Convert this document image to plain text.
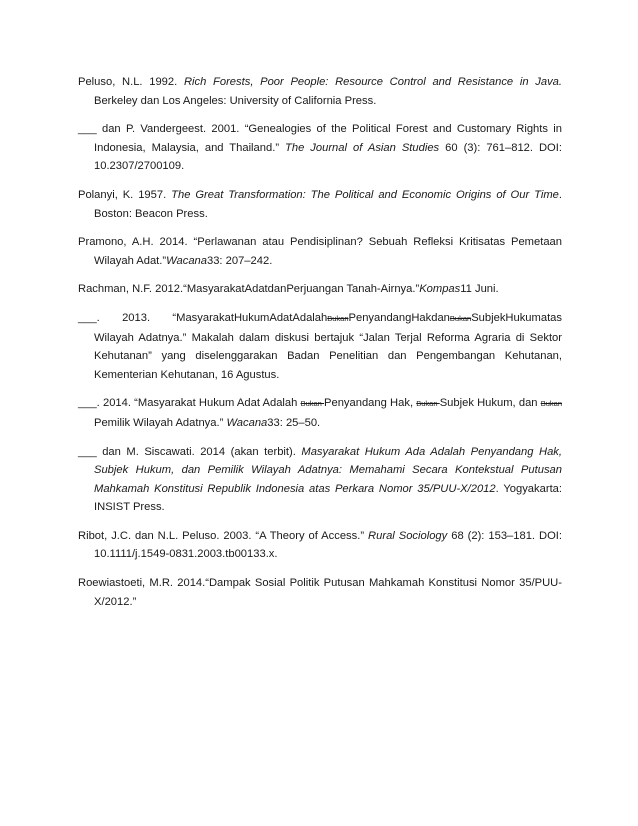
Peluso, N.L. 1992. Rich Forests, Poor People: Resource Control and Resistance in Java. Berkeley dan Los Angeles: University of California Press.

___ dan P. Vandergeest. 2001. “Genealogies of the Political Forest and Customary Rights in Indonesia, Malaysia, and Thailand.” The Journal of Asian Studies 60 (3): 761–812. DOI: 10.2307/2700109.

Polanyi, K. 1957. The Great Transformation: The Political and Economic Origins of Our Time. Boston: Beacon Press.

Pramono, A.H. 2014. “Perlawanan atau Pendisiplinan? Sebuah Refleksi Kritisatas Pemetaan Wilayah Adat.”Wacana33: 207–242.

Rachman, N.F. 2012.“MasyarakatAdatdanPerjuangan Tanah-Airnya.”Kompas11 Juni.

___. 2013. “MasyarakatHukumAdatAdalahBukanPenyandangHakdanBukanSubjekHukumatas Wilayah Adatnya.” Makalah dalam diskusi bertajuk “Jalan Terjal Reforma Agraria di Sektor Kehutanan” yang diselenggarakan Badan Penelitian dan Pengembangan Kehutanan, Kementerian Kehutanan, 16 Agustus.

___. 2014. “Masyarakat Hukum Adat Adalah Bukan Penyandang Hak, Bukan Subjek Hukum, dan Bukan Pemilik Wilayah Adatnya.” Wacana33: 25–50.

___ dan M. Siscawati. 2014 (akan terbit). Masyarakat Hukum Ada Adalah Penyandang Hak, Subjek Hukum, dan Pemilik Wilayah Adatnya: Memahami Secara Kontekstual Putusan Mahkamah Konstitusi Republik Indonesia atas Perkara Nomor 35/PUU-X/2012. Yogyakarta: INSIST Press.

Ribot, J.C. dan N.L. Peluso. 2003. “A Theory of Access.” Rural Sociology 68 (2): 153–181. DOI: 10.1111/j.1549-0831.2003.tb00133.x.

Roewiastoeti, M.R. 2014.“Dampak Sosial Politik Putusan Mahkamah Konstitusi Nomor 35/PUU-X/2012.”
